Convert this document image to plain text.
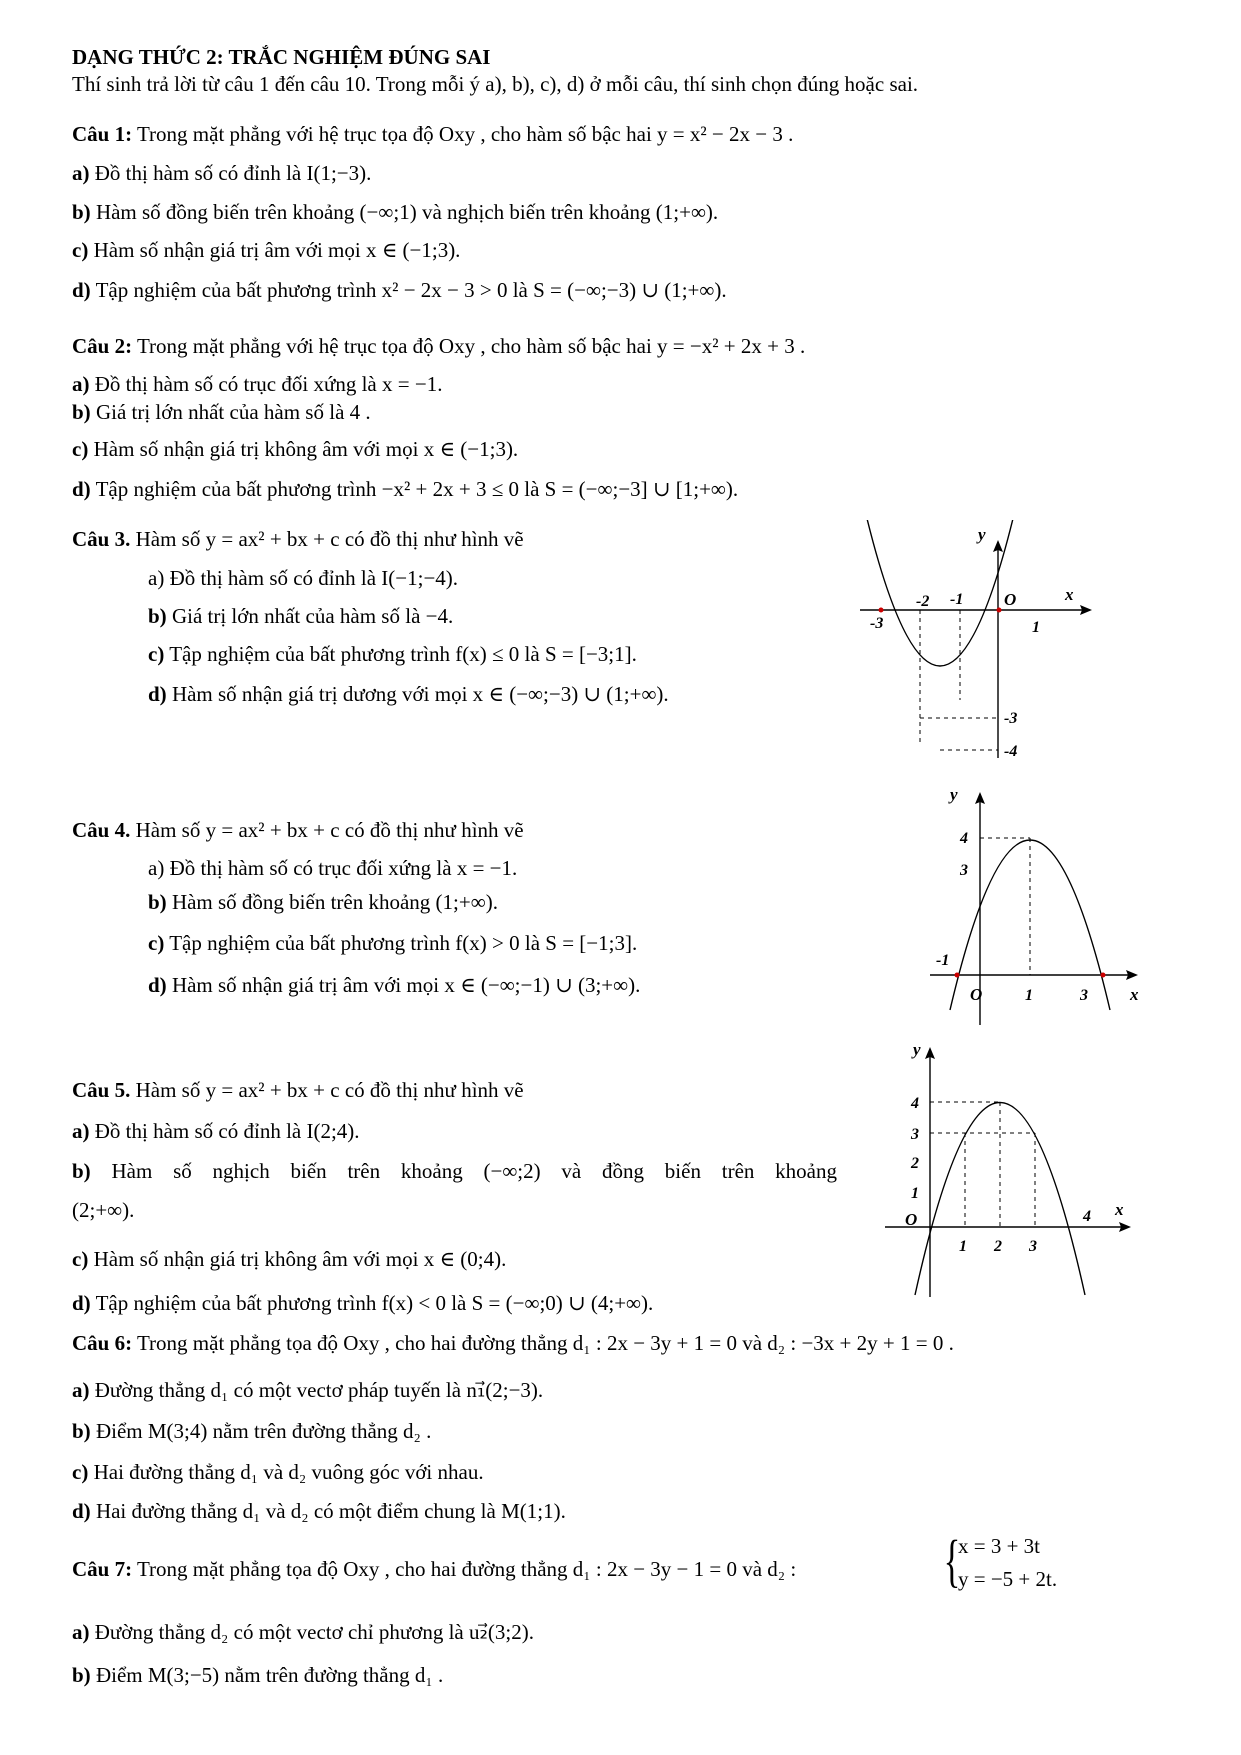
DẠNG THỨC 2: TRẮC NGHIỆM ĐÚNG SAI
Thí sinh trả lời từ câu 1 đến câu 10. Trong mỗi ý a), b), c), d) ở mỗi câu, thí sinh chọn đúng hoặc sai.
Câu 1: Trong mặt phẳng với hệ trục tọa độ Oxy , cho hàm số bậc hai y = x² − 2x − 3 .
a) Đồ thị hàm số có đỉnh là I(1;−3).
b) Hàm số đồng biến trên khoảng (−∞;1) và nghịch biến trên khoảng (1;+∞).
c) Hàm số nhận giá trị âm với mọi x ∈ (−1;3).
d) Tập nghiệm của bất phương trình x² − 2x − 3 > 0 là S = (−∞;−3) ∪ (1;+∞).
Câu 2: Trong mặt phẳng với hệ trục tọa độ Oxy , cho hàm số bậc hai y = −x² + 2x + 3 .
a) Đồ thị hàm số có trục đối xứng là x = −1.
b) Giá trị lớn nhất của hàm số là 4 .
c) Hàm số nhận giá trị không âm với mọi x ∈ (−1;3).
d) Tập nghiệm của bất phương trình −x² + 2x + 3 ≤ 0 là S = (−∞;−3] ∪ [1;+∞).
Câu 3. Hàm số y = ax² + bx + c có đồ thị như hình vẽ
a) Đồ thị hàm số có đỉnh là I(−1;−4).
b) Giá trị lớn nhất của hàm số là −4.
c) Tập nghiệm của bất phương trình f(x) ≤ 0 là S = [−3;1].
d) Hàm số nhận giá trị dương với mọi x ∈ (−∞;−3) ∪ (1;+∞).
y
x
O
-2 -1
-3	1
-3
-4
Câu 4. Hàm số y = ax² + bx + c có đồ thị như hình vẽ
a) Đồ thị hàm số có trục đối xứng là x = −1.
b) Hàm số đồng biến trên khoảng (1;+∞).
c) Tập nghiệm của bất phương trình f(x) > 0 là S = [−1;3].
d) Hàm số nhận giá trị âm với mọi x ∈ (−∞;−1) ∪ (3;+∞).
y
x
O
4
3
-1
1	3
Câu 5. Hàm số y = ax² + bx + c có đồ thị như hình vẽ
a) Đồ thị hàm số có đỉnh là I(2;4).
b) Hàm số nghịch biến trên khoảng (−∞;2) và đồng biến trên khoảng
(2;+∞).
c) Hàm số nhận giá trị không âm với mọi x ∈ (0;4).
d) Tập nghiệm của bất phương trình f(x) < 0 là S = (−∞;0) ∪ (4;+∞).
y
x
O
4
3
2
1
1 2 3
4
Câu 6: Trong mặt phẳng tọa độ Oxy , cho hai đường thẳng d₁ : 2x − 3y + 1 = 0 và d₂ : −3x + 2y + 1 = 0 .
a) Đường thẳng d₁ có một vectơ pháp tuyến là n₁⃗(2;−3).
b) Điểm M(3;4) nằm trên đường thẳng d₂ .
c) Hai đường thẳng d₁ và d₂ vuông góc với nhau.
d) Hai đường thẳng d₁ và d₂ có một điểm chung là M(1;1).
Câu 7: Trong mặt phẳng tọa độ Oxy , cho hai đường thẳng d₁ : 2x − 3y − 1 = 0 và d₂ :	{
x = 3 + 3t
y = −5 + 2t.
a) Đường thẳng d₂ có một vectơ chỉ phương là u₂⃗(3;2).
b) Điểm M(3;−5) nằm trên đường thẳng d₁ .
